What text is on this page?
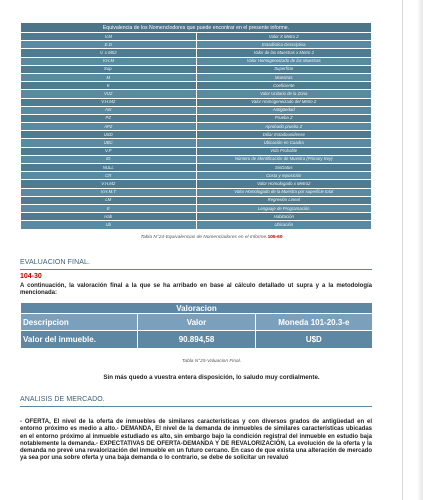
Equivalencia de los Nomenclodores que puede encontrar en el presente informe.	
V.M	Valor X Metro 2
E.D	Estadística Descriptiva
V. x Mtr2	Valor de las Muestras x Metro 2
V.H.M	Valor Homogeneizado de las Muestras
Sup.	Superficie
M	Muestras
K	Coeficiente
VUZ	Valor Unitario de la Zona
V.H.M2	Valor Homogeneizado del Metro 2
Ant	Antigüedad
PZ	Prueba Z
APZ	Aprobado prueba Z
USD	Dólar Estadounidense
UBC	Ubicación en Cuadra
V.P	Vida Probable
ID	Número de Identificación de Muestra (Primary Key)
NULL	SinDatos
CR	Costa y reposición
V.H.M2	Valor Homologado x Metro2
V.H.M.T	Valor Homologado de la Muestra por superficie total
LM	Regresión Lineal
E	Lenguaje de Programación
Hab	Habitación
Ub	Ubicación
Tabla N°24-Equivalencias de Nomencladores en el Informe.105-60
EVALUACION FINAL.
104-30
A continuación, la valoración final a la que se ha arribado en base al cálculo detallado ut supra y a la metodología mencionada:
Valoracion		
Descripcion	Valor	Moneda 101-20.3-e
Valor del inmueble.	90.894,58	U$D
Tabla N°25-Valuacion Final.
Sin más quedo a vuestra entera disposición, lo saludo muy cordialmente.
ANALISIS DE MERCADO.
- OFERTA, El nivel de la oferta de inmuebles de similares caracteristicas y con diversos grados de antigüedad en el entorno próximo es medio a alto.- DEMANDA, El nivel de la demanda de inmuebles de similares características ubicadas en el entorno próximo al inmueble estudiado es alto, sin embargo bajo la condición registral del inmueble en estudio baja notablemente la demanda.- EXPECTATIVAS DE OFERTA-DEMANDA Y DE REVALORIZACIÓN, La evolución de la oferta y la demanda no prevé una revalorización del inmueble en un futuro cercano. En caso de que exista una alteración de mercado ya sea por una sobre oferta y una baja demanda o lo contrario, se debe de solicitar un revaluó
